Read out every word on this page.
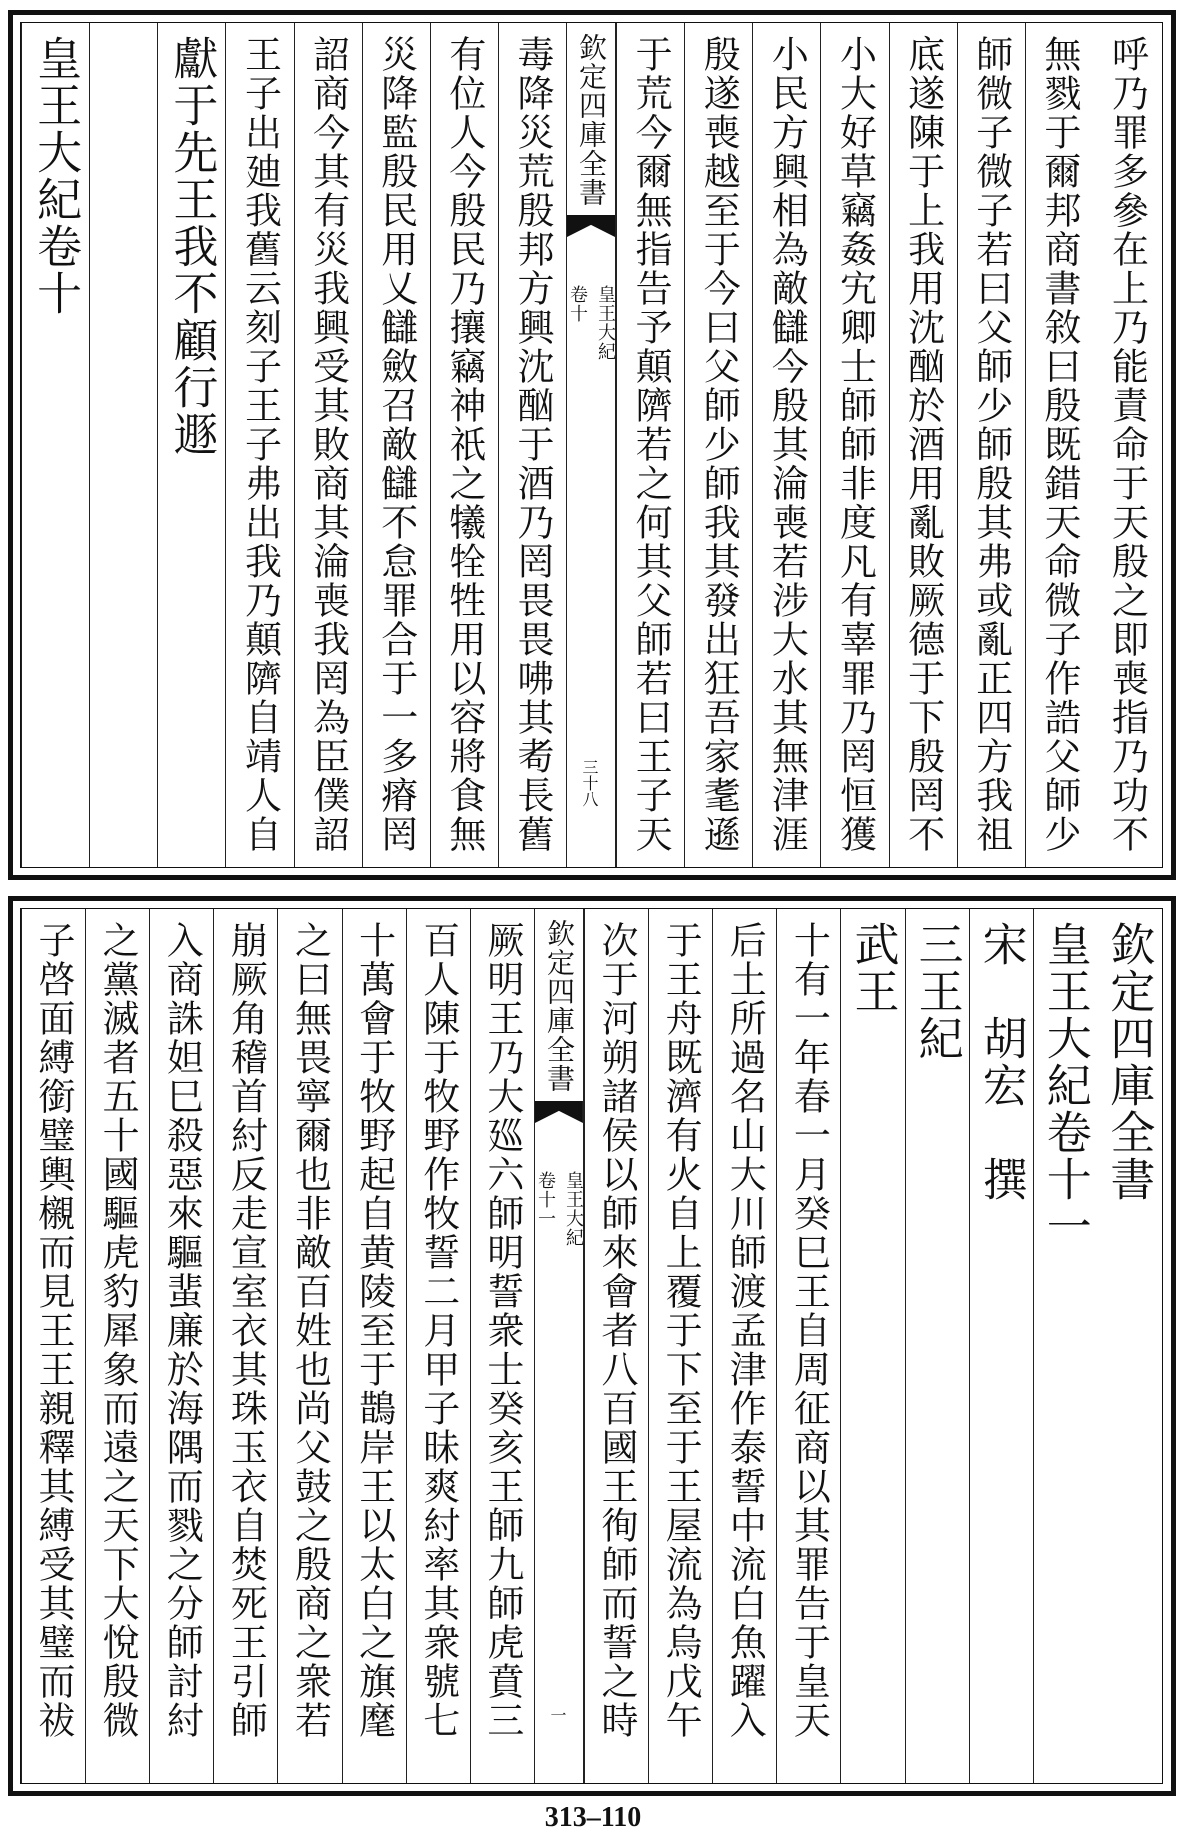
呼乃罪多參在上乃能責命于天殷之即喪指乃功不
無戮于爾邦商書敘曰殷既錯天命微子作誥父師少
師微子微子若曰父師少師殷其弗或亂正四方我祖
底遂陳于上我用沈酗於酒用亂敗厥德于下殷罔不
小大好草竊姦宄卿士師師非度凡有辜罪乃罔恒獲
小民方興相為敵讎今殷其淪喪若涉大水其無津涯
殷遂喪越至于今曰父師少師我其發出狂吾家耄遜
于荒今爾無指告予顛隮若之何其父師若曰王子天
欽定四庫全書
皇王大紀
卷十
三十八
毒降災荒殷邦方興沈酗于酒乃罔畏畏咈其耇長舊
有位人今殷民乃攘竊神祇之犧牷牲用以容將食無
災降監殷民用乂讎斂召敵讎不怠罪合于一多瘠罔
詔商今其有災我興受其敗商其淪喪我罔為臣僕詔
王子出廸我舊云刻子王子弗出我乃顛隮自靖人自
獻于先王我不顧行遯
皇王大紀卷十
欽定四庫全書
皇王大紀卷十一
宋　胡宏　撰
三王紀
武王
十有一年春一月癸巳王自周征商以其罪告于皇天
后土所過名山大川師渡孟津作泰誓中流白魚躍入
于王舟既濟有火自上覆于下至于王屋流為烏戊午
次于河朔諸侯以師來會者八百國王徇師而誓之時
欽定四庫全書
皇王大紀
卷十一
一
厥明王乃大廵六師明誓衆士癸亥王師九師虎賁三
百人陳于牧野作牧誓二月甲子昧爽紂率其衆號七
十萬會于牧野起自黄陵至于鵲岸王以太白之旗麾
之曰無畏寧爾也非敵百姓也尚父鼓之殷商之衆若
崩厥角稽首紂反走宣室衣其珠玉衣自焚死王引師
入商誅妲巳殺惡來驅蜚廉於海隅而戮之分師討紂
之黨滅者五十國驅虎豹犀象而遠之天下大悅殷微
子啓面縛銜璧輿櫬而見王王親釋其縛受其璧而祓
313–110
